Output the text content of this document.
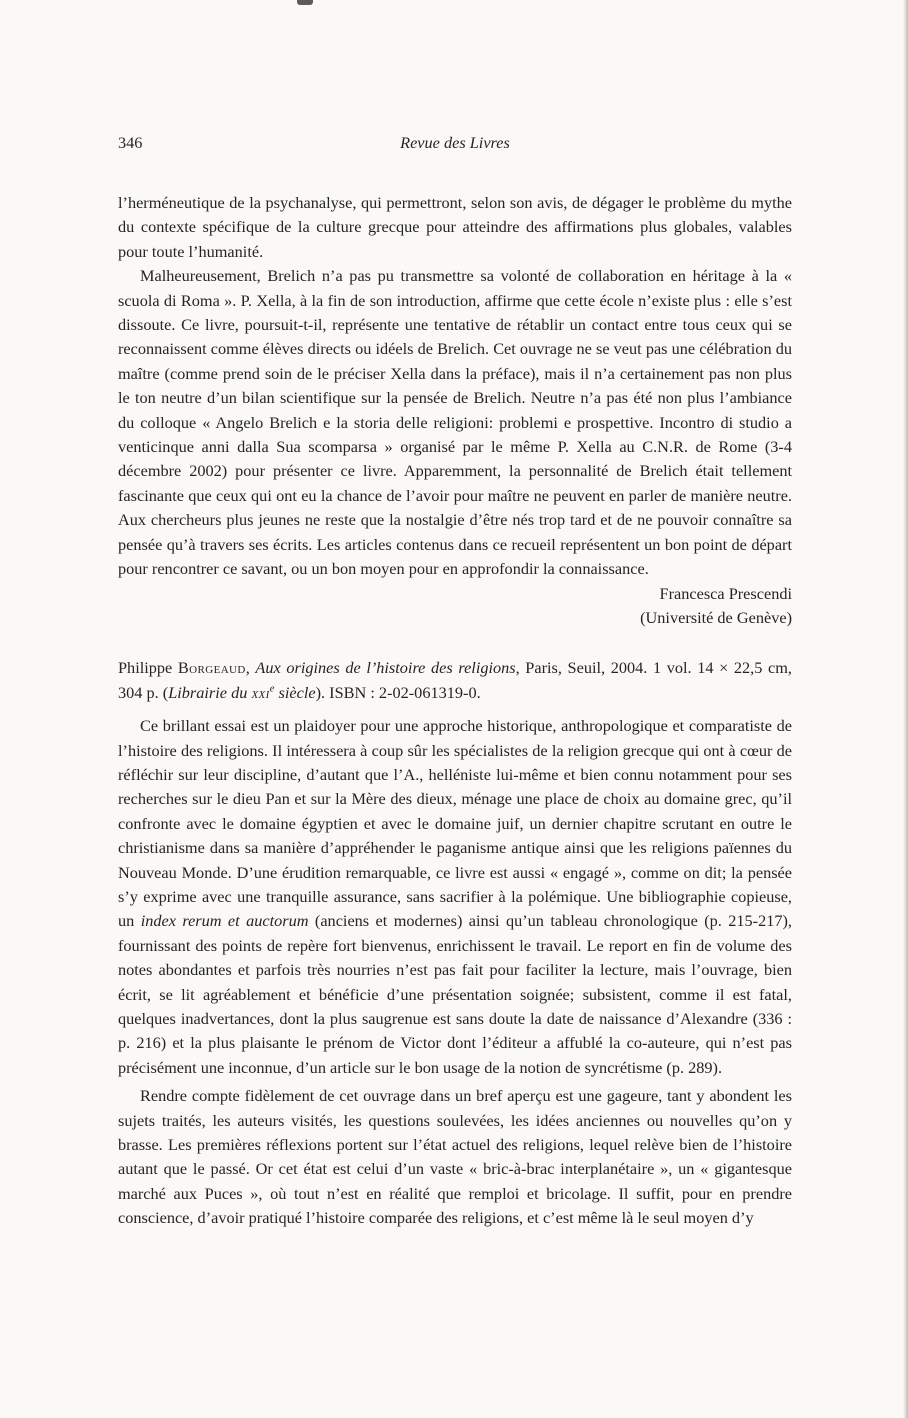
346	Revue des Livres

l’herméneutique de la psychanalyse, qui permettront, selon son avis, de dégager le problème du mythe du contexte spécifique de la culture grecque pour atteindre des affirmations plus globales, valables pour toute l’humanité.

Malheureusement, Brelich n’a pas pu transmettre sa volonté de collaboration en héritage à la « scuola di Roma ». P. Xella, à la fin de son introduction, affirme que cette école n’existe plus : elle s’est dissoute. Ce livre, poursuit-t-il, représente une tentative de rétablir un contact entre tous ceux qui se reconnaissent comme élèves directs ou idéels de Brelich. Cet ouvrage ne se veut pas une célébration du maître (comme prend soin de le préciser Xella dans la préface), mais il n’a certainement pas non plus le ton neutre d’un bilan scientifique sur la pensée de Brelich. Neutre n’a pas été non plus l’ambiance du colloque « Angelo Brelich e la storia delle religioni: problemi e prospettive. Incontro di studio a venticinque anni dalla Sua scomparsa » organisé par le même P. Xella au C.N.R. de Rome (3-4 décembre 2002) pour présenter ce livre. Apparemment, la personnalité de Brelich était tellement fascinante que ceux qui ont eu la chance de l’avoir pour maître ne peuvent en parler de manière neutre. Aux chercheurs plus jeunes ne reste que la nostalgie d’être nés trop tard et de ne pouvoir connaître sa pensée qu’à travers ses écrits. Les articles contenus dans ce recueil représentent un bon point de départ pour rencontrer ce savant, ou un bon moyen pour en approfondir la connaissance.

Francesca Prescendi
(Université de Genève)

Philippe Borgeaud, Aux origines de l’histoire des religions, Paris, Seuil, 2004. 1 vol. 14 × 22,5 cm, 304 p. (Librairie du xxi$^e$ siècle). ISBN : 2-02-061319-0.

Ce brillant essai est un plaidoyer pour une approche historique, anthropologique et comparatiste de l’histoire des religions. Il intéressera à coup sûr les spécialistes de la religion grecque qui ont à cœur de réfléchir sur leur discipline, d’autant que l’A., helléniste lui-même et bien connu notamment pour ses recherches sur le dieu Pan et sur la Mère des dieux, ménage une place de choix au domaine grec, qu’il confronte avec le domaine égyptien et avec le domaine juif, un dernier chapitre scrutant en outre le christianisme dans sa manière d’appréhender le paganisme antique ainsi que les religions païennes du Nouveau Monde. D’une érudition remarquable, ce livre est aussi « engagé », comme on dit; la pensée s’y exprime avec une tranquille assurance, sans sacrifier à la polémique. Une bibliographie copieuse, un index rerum et auctorum (anciens et modernes) ainsi qu’un tableau chronologique (p. 215-217), fournissant des points de repère fort bienvenus, enrichissent le travail. Le report en fin de volume des notes abondantes et parfois très nourries n’est pas fait pour faciliter la lecture, mais l’ouvrage, bien écrit, se lit agréablement et bénéficie d’une présentation soignée; subsistent, comme il est fatal, quelques inadvertances, dont la plus saugrenue est sans doute la date de naissance d’Alexandre (336 : p. 216) et la plus plaisante le prénom de Victor dont l’éditeur a affublé la co-auteure, qui n’est pas précisément une inconnue, d’un article sur le bon usage de la notion de syncrétisme (p. 289).

Rendre compte fidèlement de cet ouvrage dans un bref aperçu est une gageure, tant y abondent les sujets traités, les auteurs visités, les questions soulevées, les idées anciennes ou nouvelles qu’on y brasse. Les premières réflexions portent sur l’état actuel des religions, lequel relève bien de l’histoire autant que le passé. Or cet état est celui d’un vaste « bric-à-brac interplanétaire », un « gigantesque marché aux Puces », où tout n’est en réalité que remploi et bricolage. Il suffit, pour en prendre conscience, d’avoir pratiqué l’histoire comparée des religions, et c’est même là le seul moyen d’y
